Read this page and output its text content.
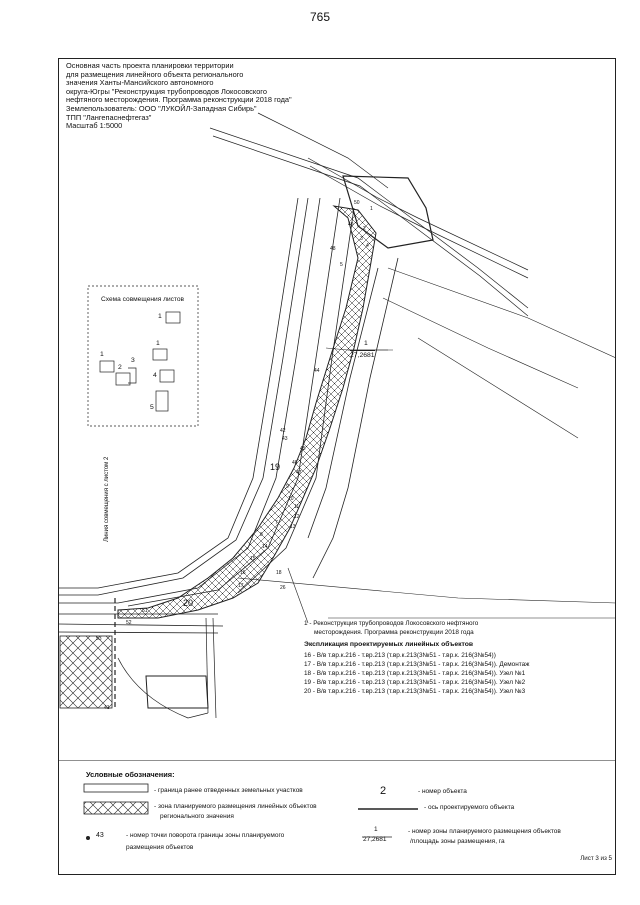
765
Основная часть проекта планировки территории
для размещения линейного объекта регионального
значения Ханты-Мансийского автономного
округа-Югры "Реконструкция трубопроводов Локосовского
нефтяного месторождения. Программа реконструкции 2018 года"
Землепользователь: ООО "ЛУКОЙЛ-Западная Сибирь"
ТПП "Лангепаснефтегаз"
Масштаб 1:5000
Схема совмещения листов
1
1
2
3
1
4
5
1
27,2681
19
20
Линия совмещения с листом 2
1
2
3
4
5
7
8
9
10
11
12
13
14
15
16
17
18
26
41
42
43
44
45
46
47
48
49
50
51
52
53
1 - Реконструкция трубопроводов Локосовского нефтяного
месторождения. Программа реконструкции 2018 года
Экспликация проектируемых линейных объектов
16 - В/в т.вр.к.216 - т.вр.213 (т.вр.к.213(3№51 - т.вр.к. 216(3№54))
17 - В/в т.вр.к.216 - т.вр.213 (т.вр.к.213(3№51 - т.вр.к. 216(3№54)). Демонтаж
18 - В/в т.вр.к.216 - т.вр.213 (т.вр.к.213(3№51 - т.вр.к. 216(3№54)). Узел №1
19 - В/в т.вр.к.216 - т.вр.213 (т.вр.к.213(3№51 - т.вр.к. 216(3№54)). Узел №2
20 - В/в т.вр.к.216 - т.вр.213 (т.вр.к.213(3№51 - т.вр.к. 216(3№54)). Узел №3
Условные обозначения:
- граница ранее отведенных земельных участков
- зона планируемого размещения линейных объектов
регионального значения
43	- номер точки поворота границы зоны планируемого
размещения объектов
2	- номер объекта
- ось проектируемого объекта
1
27,2681
- номер зоны планируемого размещения объектов
/площадь зоны размещения, га
Лист 3 из 5
